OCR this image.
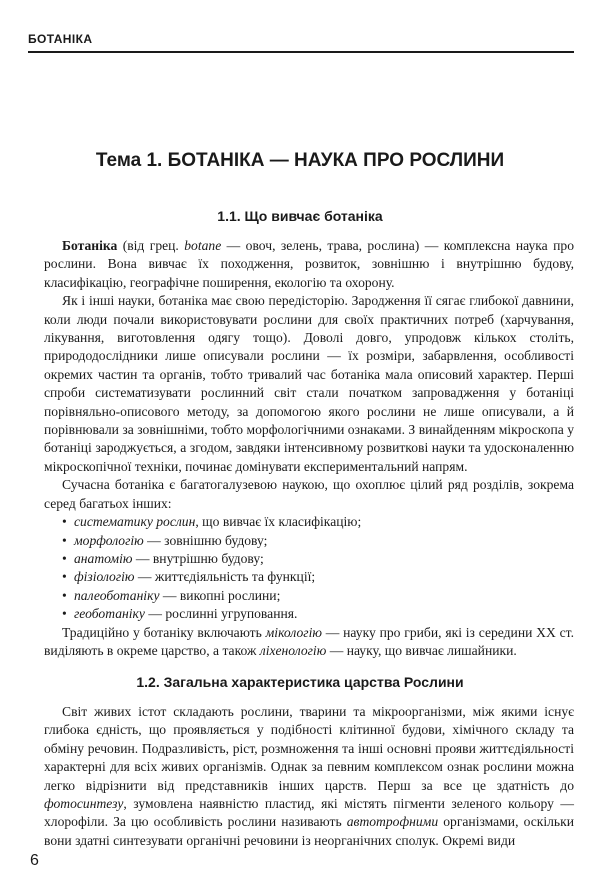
БОТАНІКА
Тема 1. БОТАНІКА — НАУКА ПРО РОСЛИНИ
1.1. Що вивчає ботаніка

Ботаніка (від грец. botane — овоч, зелень, трава, рослина) — комплексна наука про рослини. Вона вивчає їх походження, розвиток, зовнішню і внутрішню будову, класифікацію, географічне поширення, екологію та охорону.

Як і інші науки, ботаніка має свою передісторію. Зародження її сягає глибокої давнини, коли люди почали використовувати рослини для своїх практичних потреб (харчування, лікування, виготовлення одягу тощо). Доволі довго, упродовж кількох століть, природодослідники лише описували рослини — їх розміри, забарвлення, особливості окремих частин та органів, тобто тривалий час ботаніка мала описовий характер. Перші спроби систематизувати рослинний світ стали початком запровадження у ботаніці порівняльно-описового методу, за допомогою якого рослини не лише описували, а й порівнювали за зовнішніми, тобто морфологічними ознаками. З винайденням мікроскопа у ботаніці зароджується, а згодом, завдяки інтенсивному розвиткові науки та удосконаленню мікроскопічної техніки, починає домінувати експериментальний напрям.

Сучасна ботаніка є багатогалузевою наукою, що охоплює цілий ряд розділів, зокрема серед багатьох інших:

• систематику рослин, що вивчає їх класифікацію;
• морфологію — зовнішню будову;
• анатомію — внутрішню будову;
• фізіологію — життєдіяльність та функції;
• палеоботаніку — викопні рослини;
• геоботаніку — рослинні угруповання.

Традиційно у ботаніку включають мікологію — науку про гриби, які із середини XX ст. виділяють в окреме царство, а також ліхенологію — науку, що вивчає лишайники.

1.2. Загальна характеристика царства Рослини

Світ живих істот складають рослини, тварини та мікроорганізми, між якими існує глибока єдність, що проявляється у подібності клітинної будови, хімічного складу та обміну речовин. Подразливість, ріст, розмноження та інші основні прояви життєдіяльності характерні для всіх живих організмів. Однак за певним комплексом ознак рослини можна легко відрізнити від представників інших царств. Перш за все це здатність до фотосинтезу, зумовлена наявністю пластид, які містять пігменти зеленого кольору — хлорофіли. За цю особливість рослини називають автотрофними організмами, оскільки вони здатні синтезувати органічні речовини із неорганічних сполук. Окремі види

6
